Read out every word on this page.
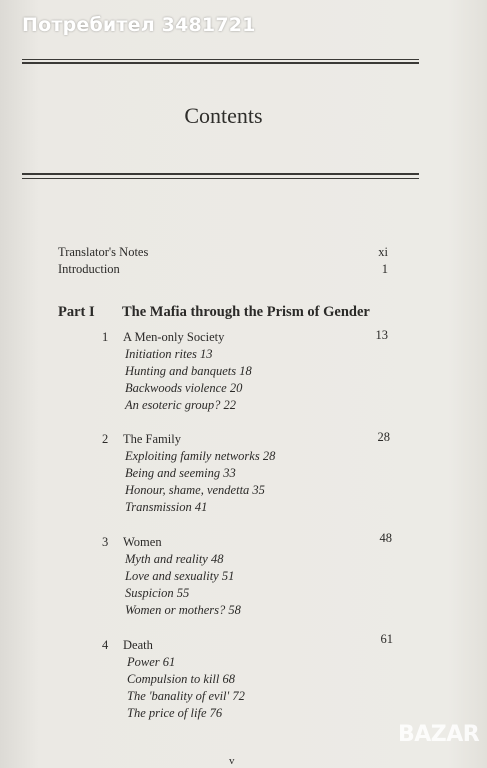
Потребител 3481721
Contents
Translator's Notes	xi
Introduction	1
Part I The Mafia through the Prism of Gender
1 A Men-only Society	13
Initiation rites 13
Hunting and banquets 18
Backwoods violence 20
An esoteric group? 22
2 The Family	28
Exploiting family networks 28
Being and seeming 33
Honour, shame, vendetta 35
Transmission 41
3 Women	48
Myth and reality 48
Love and sexuality 51
Suspicion 55
Women or mothers? 58
4 Death	61
Power 61
Compulsion to kill 68
The 'banality of evil' 72
The price of life 76
v
BAZAR
